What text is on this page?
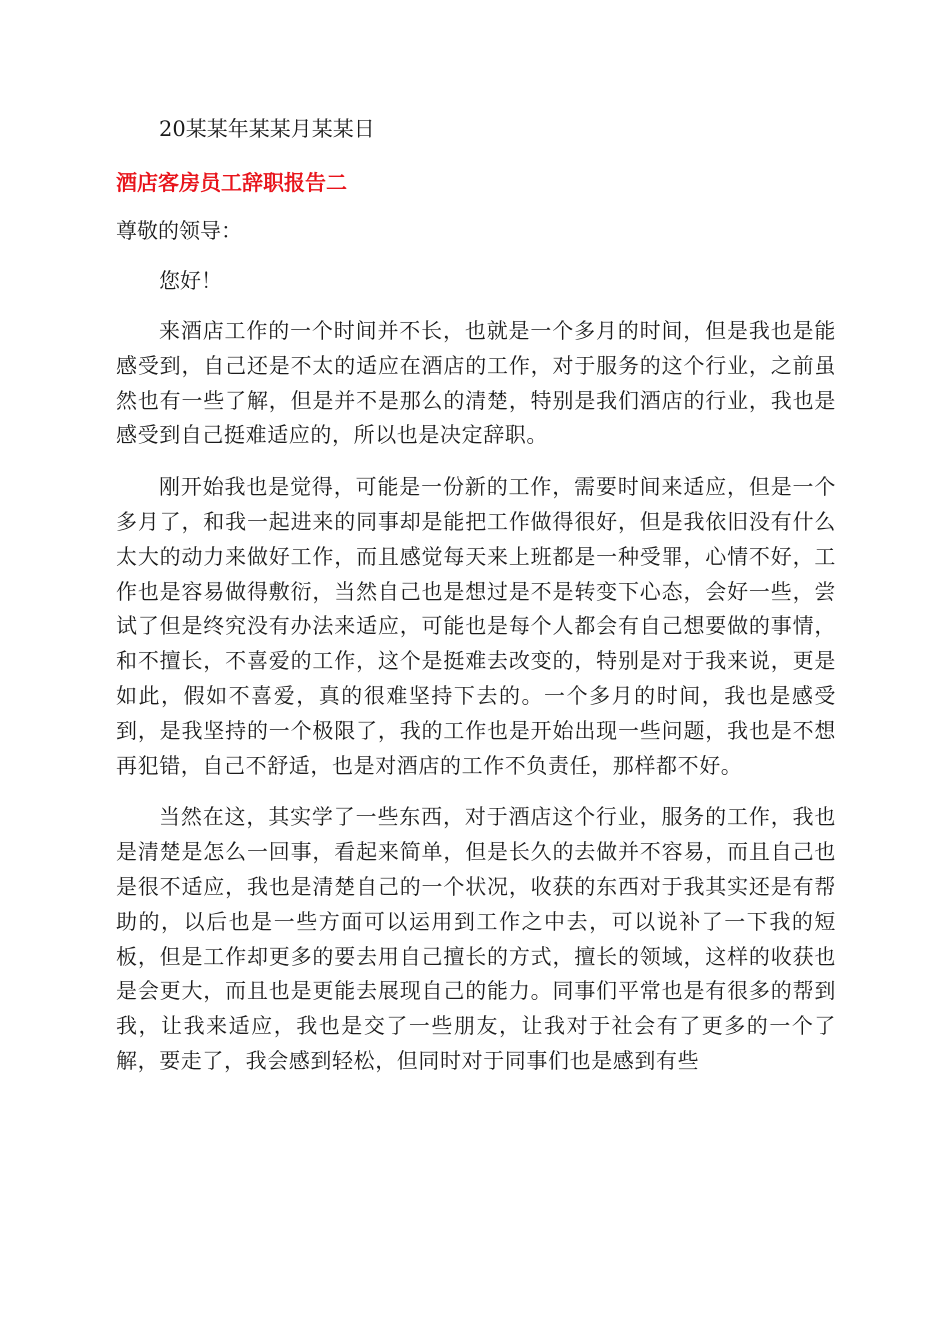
20某某年某某月某某日
酒店客房员工辞职报告二
尊敬的领导：
您好！

来酒店工作的一个时间并不长，也就是一个多月的时间，但是我也是能感受到，自己还是不太的适应在酒店的工作，对于服务的这个行业，之前虽然也有一些了解，但是并不是那么的清楚，特别是我们酒店的行业，我也是感受到自己挺难适应的，所以也是决定辞职。

刚开始我也是觉得，可能是一份新的工作，需要时间来适应，但是一个多月了，和我一起进来的同事却是能把工作做得很好，但是我依旧没有什么太大的动力来做好工作，而且感觉每天来上班都是一种受罪，心情不好，工作也是容易做得敷衍，当然自己也是想过是不是转变下心态，会好一些，尝试了但是终究没有办法来适应，可能也是每个人都会有自己想要做的事情，和不擅长，不喜爱的工作，这个是挺难去改变的，特别是对于我来说，更是如此，假如不喜爱，真的很难坚持下去的。一个多月的时间，我也是感受到，是我坚持的一个极限了，我的工作也是开始出现一些问题，我也是不想再犯错，自己不舒适，也是对酒店的工作不负责任，那样都不好。

当然在这，其实学了一些东西，对于酒店这个行业，服务的工作，我也是清楚是怎么一回事，看起来简单，但是长久的去做并不容易，而且自己也是很不适应，我也是清楚自己的一个状况，收获的东西对于我其实还是有帮助的，以后也是一些方面可以运用到工作之中去，可以说补了一下我的短板，但是工作却更多的要去用自己擅长的方式，擅长的领域，这样的收获也是会更大，而且也是更能去展现自己的能力。同事们平常也是有很多的帮到我，让我来适应，我也是交了一些朋友，让我对于社会有了更多的一个了解，要走了，我会感到轻松，但同时对于同事们也是感到有些
